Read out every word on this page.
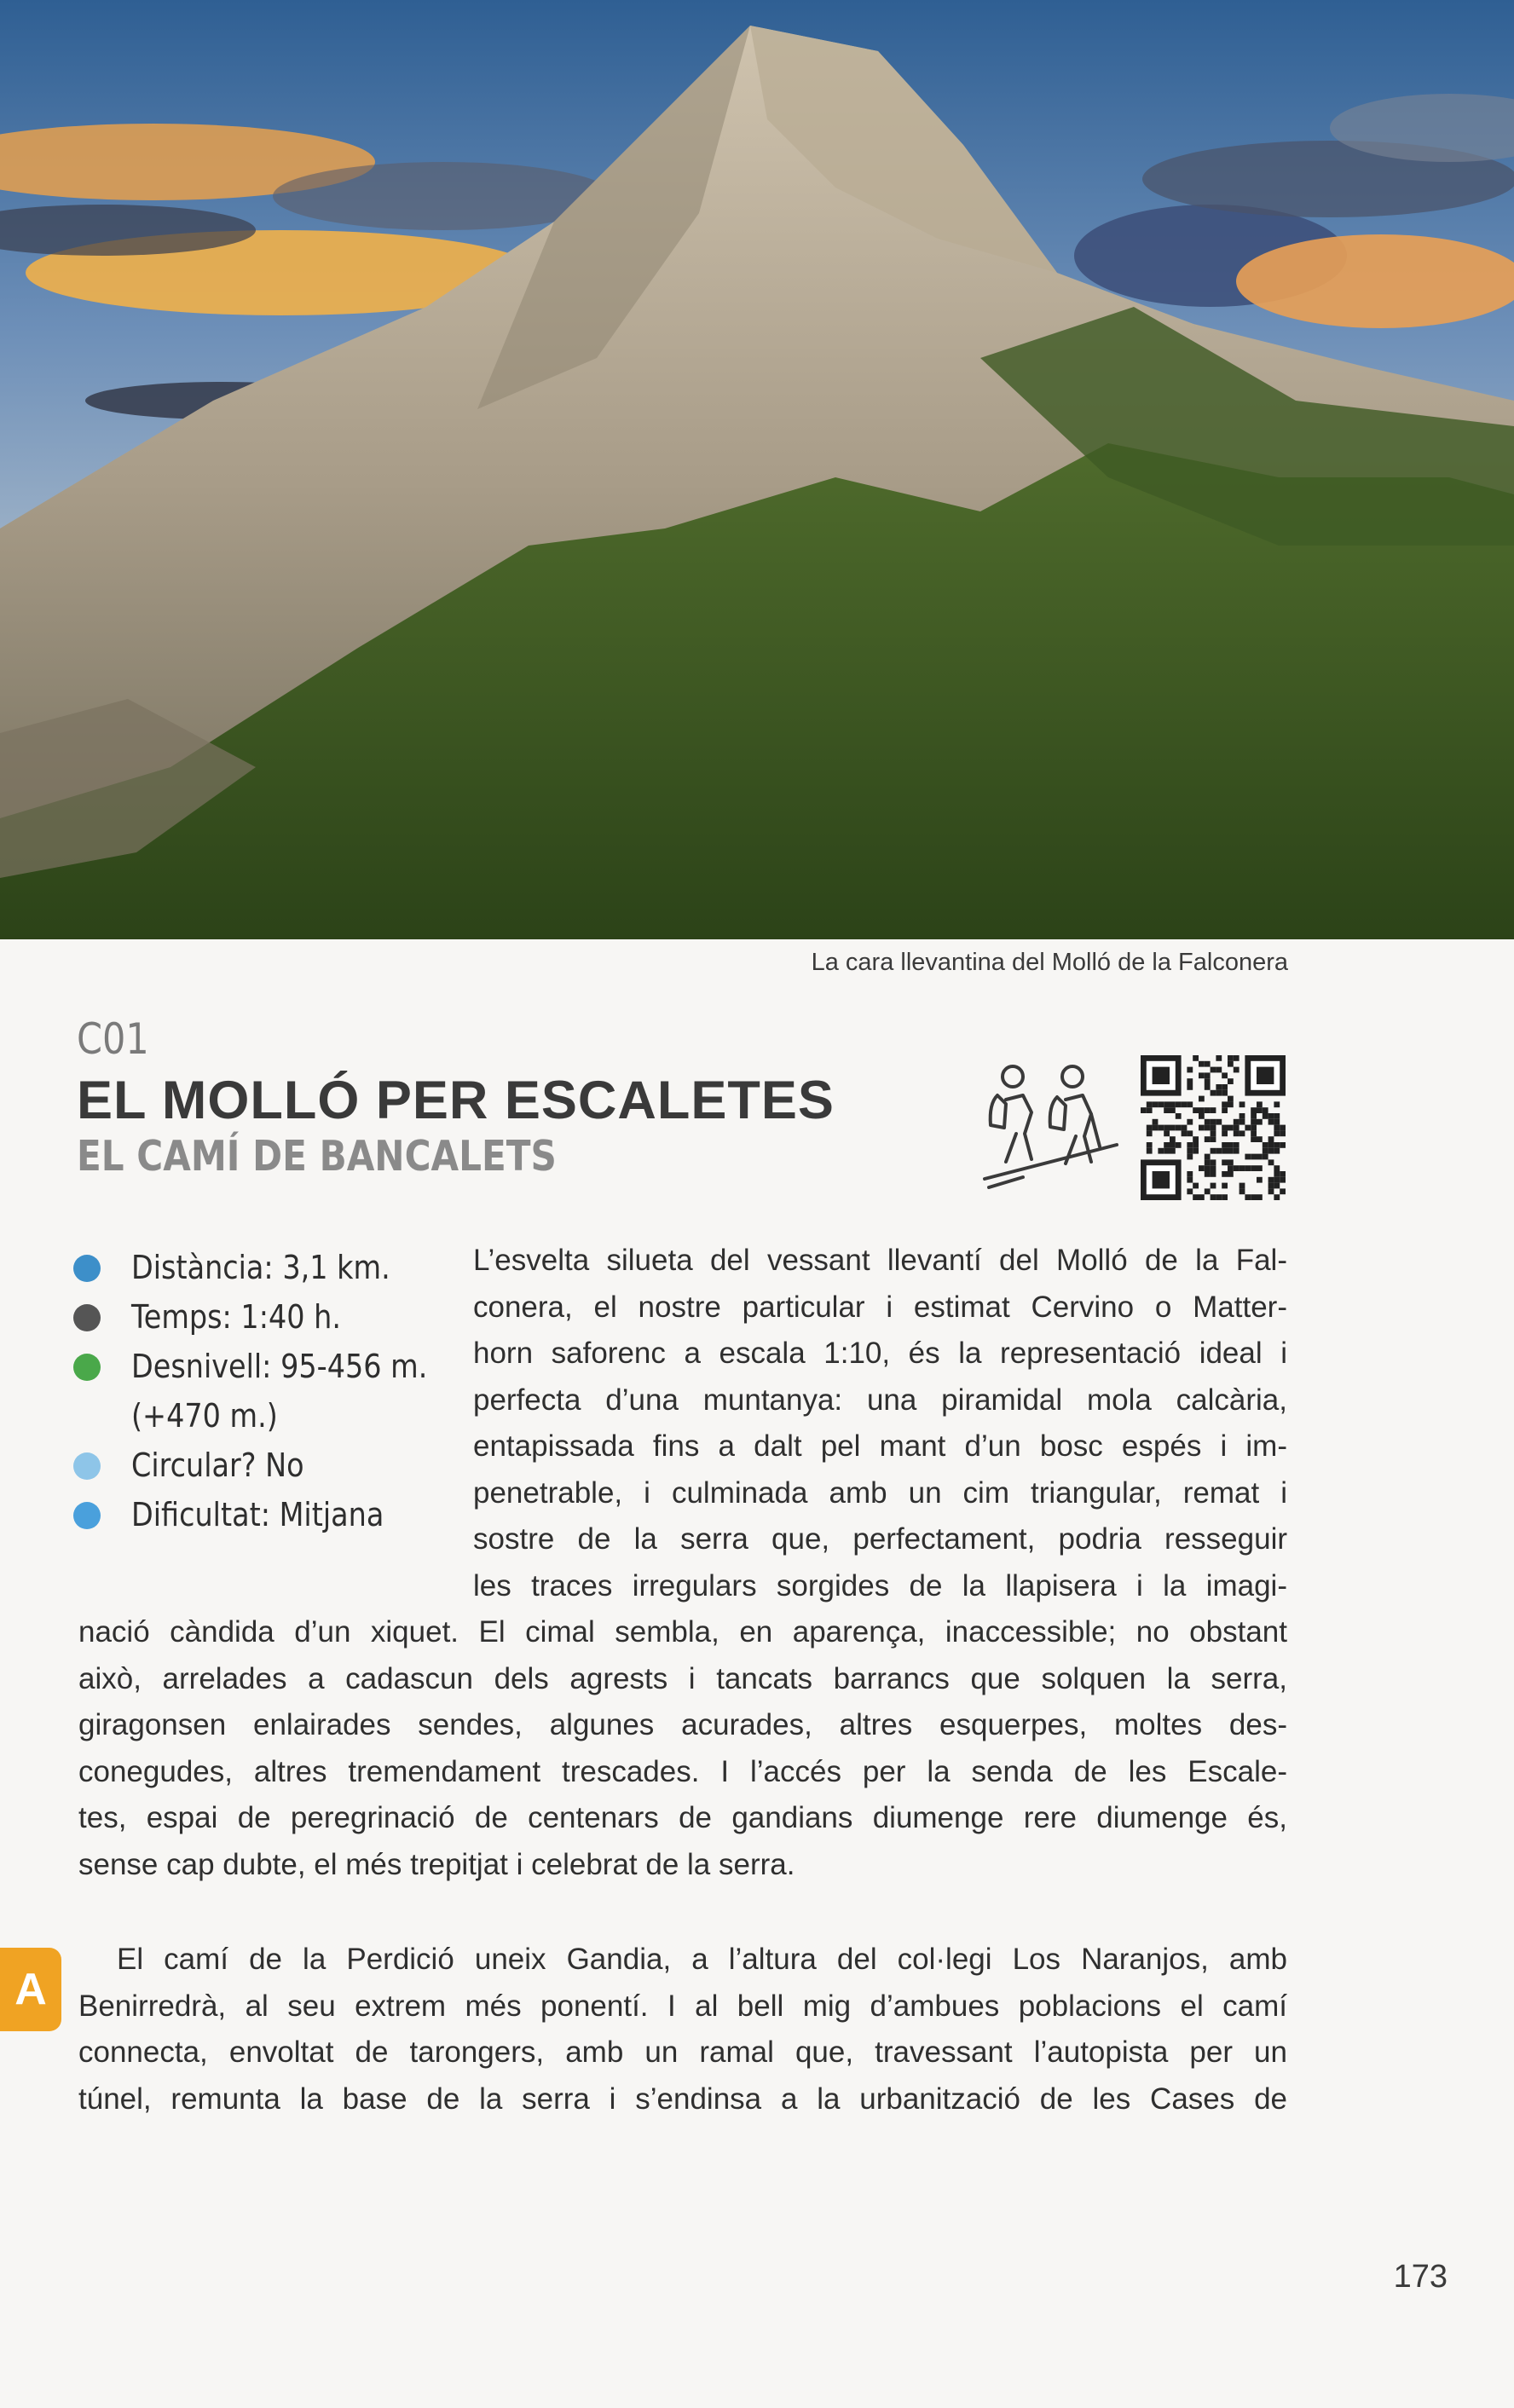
La cara llevantina del Molló de la Falconera
C01
EL MOLLÓ PER ESCALETES
EL CAMÍ DE BANCALETS
Distància: 3,1 km.
Temps: 1:40 h.
Desnivell: 95-456 m.
(+470 m.)
Circular? No
Dificultat: Mitjana
L’esvelta silueta del vessant llevantí del Molló de la Fal-
conera, el nostre particular i estimat Cervino o Matter-
horn saforenc a escala 1:10, és la representació ideal i
perfecta d’una muntanya: una piramidal mola calcària,
entapissada fins a dalt pel mant d’un bosc espés i im-
penetrable, i culminada amb un cim triangular, remat i
sostre de la serra que, perfectament, podria resseguir
les traces irregulars sorgides de la llapisera i la imagi-
nació càndida d’un xiquet. El cimal sembla, en aparença, inaccessible; no obstant
això, arrelades a cadascun dels agrests i tancats barrancs que solquen la serra,
giragonsen enlairades sendes, algunes acurades, altres esquerpes, moltes des-
conegudes, altres tremendament trescades. I l’accés per la senda de les Escale-
tes, espai de peregrinació de centenars de gandians diumenge rere diumenge és,
sense cap dubte, el més trepitjat i celebrat de la serra.
A
El camí de la Perdició uneix Gandia, a l’altura del col·legi Los Naranjos, amb
Benirredrà, al seu extrem més ponentí. I al bell mig d’ambues poblacions el camí
connecta, envoltat de tarongers, amb un ramal que, travessant l’autopista per un
túnel, remunta la base de la serra i s’endinsa a la urbanització de les Cases de
173
